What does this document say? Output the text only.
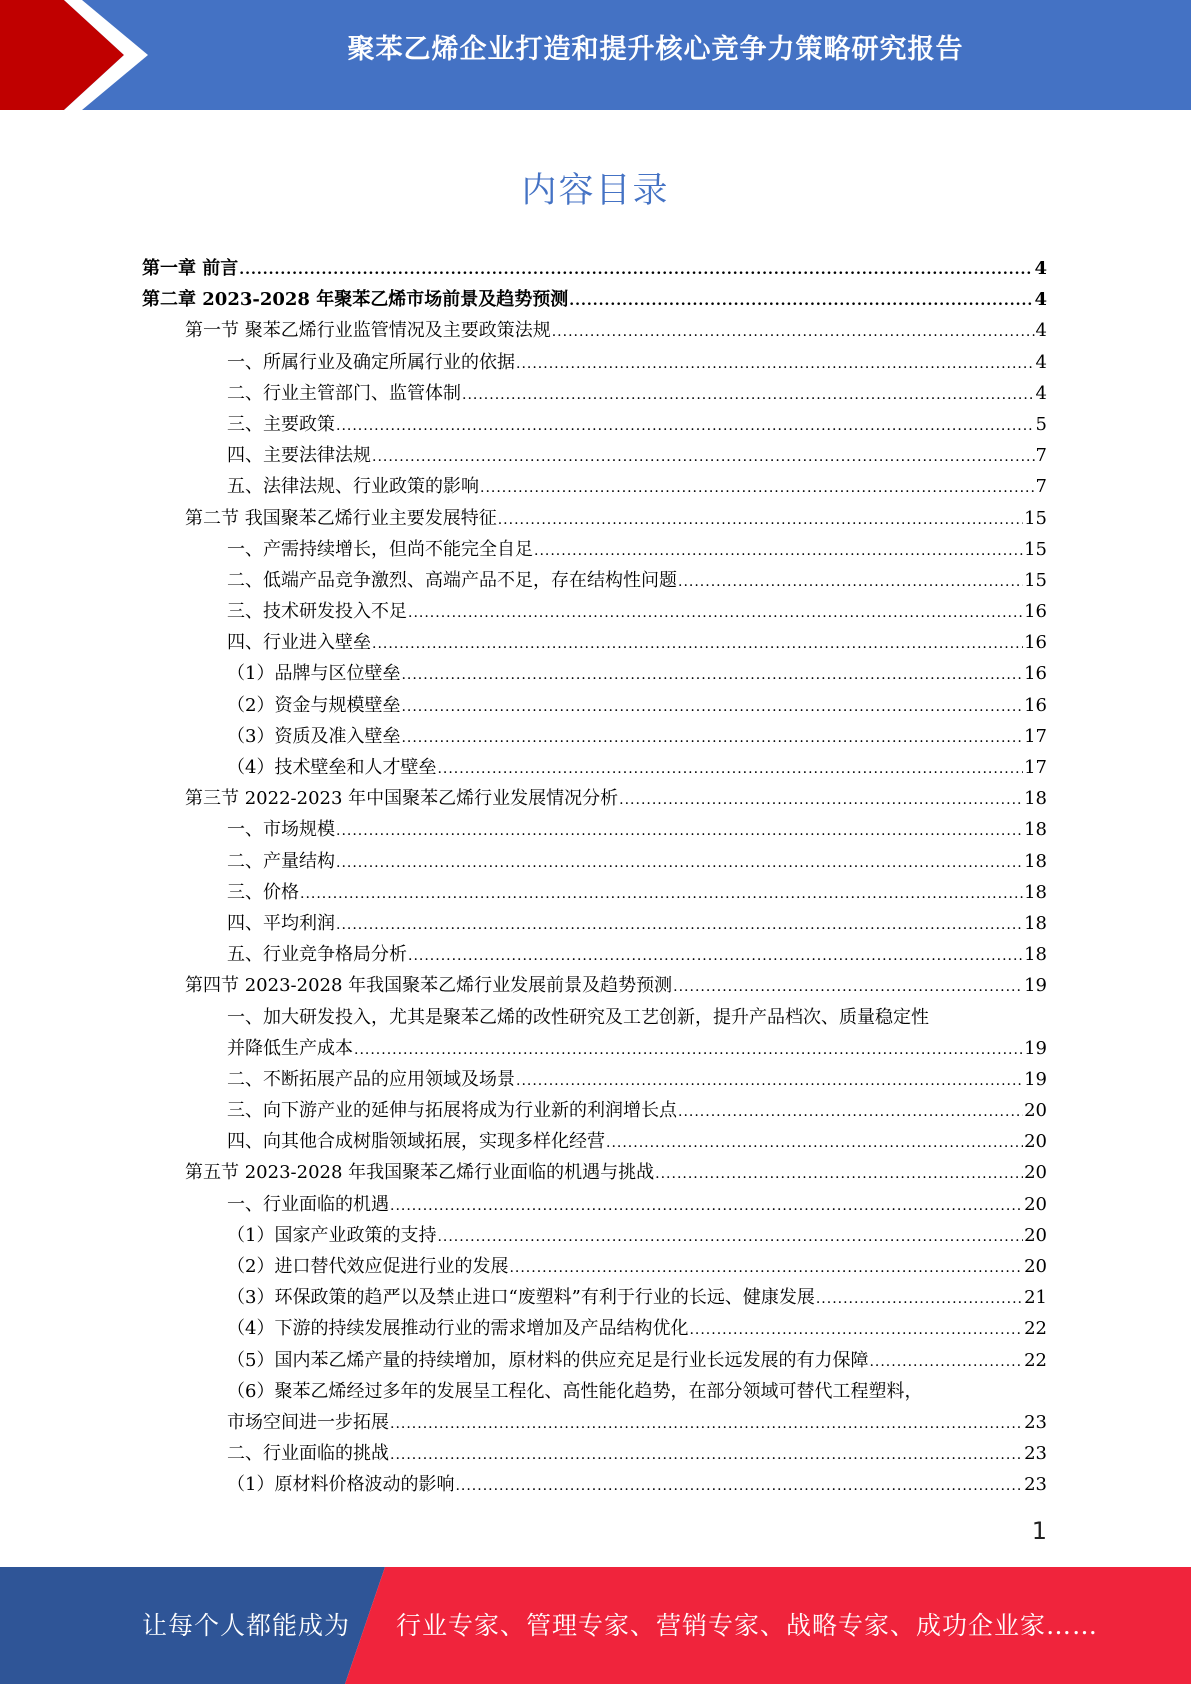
聚苯乙烯企业打造和提升核心竞争力策略研究报告
内容目录
第一章 前言 .....	4
第二章 2023-2028 年聚苯乙烯市场前景及趋势预测 .....	4
第一节 聚苯乙烯行业监管情况及主要政策法规 .....	4
一、所属行业及确定所属行业的依据 .....	4
二、行业主管部门、监管体制 .....	4
三、主要政策 .....	5
四、主要法律法规 .....	7
五、法律法规、行业政策的影响 .....	7
第二节 我国聚苯乙烯行业主要发展特征 .....	15
一、产需持续增长，但尚不能完全自足 .....	15
二、低端产品竞争激烈、高端产品不足，存在结构性问题 .....	15
三、技术研发投入不足 .....	16
四、行业进入壁垒 .....	16
（1）品牌与区位壁垒 .....	16
（2）资金与规模壁垒 .....	16
（3）资质及准入壁垒 .....	17
（4）技术壁垒和人才壁垒 .....	17
第三节 2022-2023 年中国聚苯乙烯行业发展情况分析 .....	18
一、市场规模 .....	18
二、产量结构 .....	18
三、价格 .....	18
四、平均利润 .....	18
五、行业竞争格局分析 .....	18
第四节 2023-2028 年我国聚苯乙烯行业发展前景及趋势预测 .....	19
一、加大研发投入，尤其是聚苯乙烯的改性研究及工艺创新，提升产品档次、质量稳定性
并降低生产成本 .....	19
二、不断拓展产品的应用领域及场景 .....	19
三、向下游产业的延伸与拓展将成为行业新的利润增长点 .....	20
四、向其他合成树脂领域拓展，实现多样化经营 .....	20
第五节 2023-2028 年我国聚苯乙烯行业面临的机遇与挑战 .....	20
一、行业面临的机遇 .....	20
（1）国家产业政策的支持 .....	20
（2）进口替代效应促进行业的发展 .....	20
（3）环保政策的趋严以及禁止进口“废塑料”有利于行业的长远、健康发展 .....	21
（4）下游的持续发展推动行业的需求增加及产品结构优化 .....	22
（5）国内苯乙烯产量的持续增加，原材料的供应充足是行业长远发展的有力保障 .....	22
（6）聚苯乙烯经过多年的发展呈工程化、高性能化趋势，在部分领域可替代工程塑料，
市场空间进一步拓展 .....	23
二、行业面临的挑战 .....	23
（1）原材料价格波动的影响 .....	23
1
让每个人都能成为 行业专家、管理专家、营销专家、战略专家、成功企业家……
